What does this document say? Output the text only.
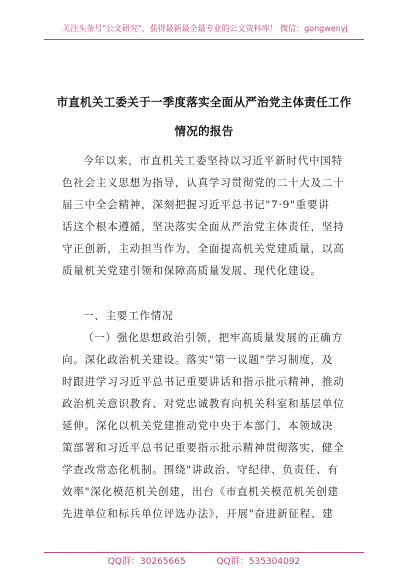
关注头条号"公文研究"，获得最新最全最专业的公文资料库！ 微信：gongwenyj
市直机关工委关于一季度落实全面从严治党主体责任工作
情况的报告
今年以来，市直机关工委坚持以习近平新时代中国特
色社会主义思想为指导，认真学习贯彻党的二十大及二十
届三中全会精神，深刻把握习近平总书记"7·9"重要讲
话这个根本遵循，坚决落实全面从严治党主体责任，坚持
守正创新，主动担当作为，全面提高机关党建质量，以高
质量机关党建引领和保障高质量发展、现代化建设。
一、主要工作情况
（一）强化思想政治引领，把牢高质量发展的正确方
向。深化政治机关建设。落实"第一议题"学习制度，及
时跟进学习习近平总书记重要讲话和指示批示精神，推动
政治机关意识教育、对党忠诚教育向机关科室和基层单位
延伸。深化以机关党建推动党中央于本部门、本领域决
策部署和习近平总书记重要指示批示精神贯彻落实，健全
学查改常态化机制。围绕"讲政治、守纪律、负责任、有
效率"深化模范机关创建，出台《市直机关模范机关创建
先进单位和标兵单位评选办法》，开展"奋进新征程、建
QQ群：30265665	QQ群：535304092
